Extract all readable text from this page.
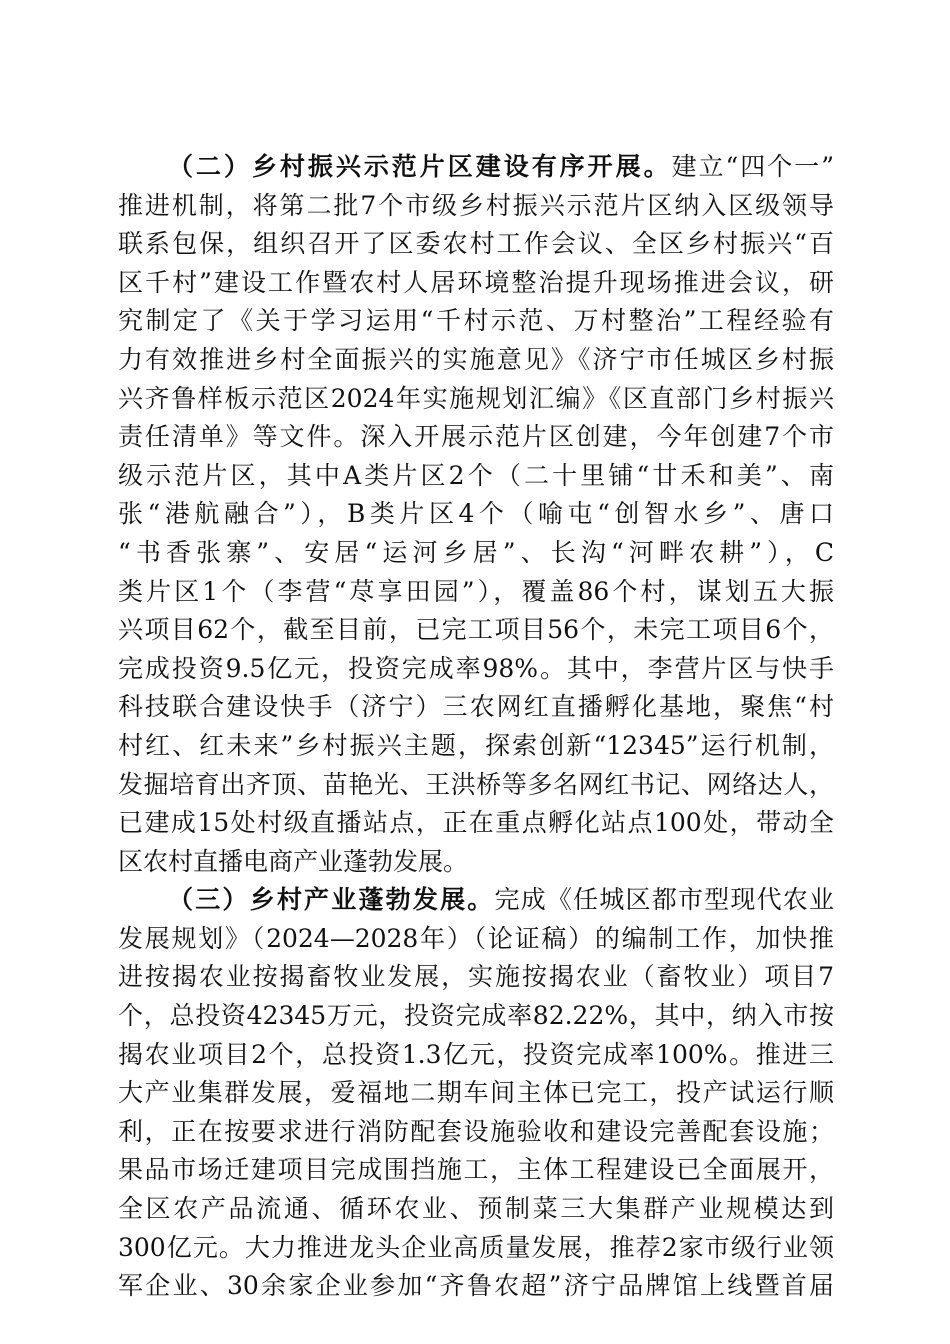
（二）乡村振兴示范片区建设有序开展。建立“四个一”
推进机制，将第二批7个市级乡村振兴示范片区纳入区级领导
联系包保，组织召开了区委农村工作会议、全区乡村振兴“百
区千村”建设工作暨农村人居环境整治提升现场推进会议，研
究制定了《关于学习运用“千村示范、万村整治”工程经验有
力有效推进乡村全面振兴的实施意见》《济宁市任城区乡村振
兴齐鲁样板示范区2024年实施规划汇编》《区直部门乡村振兴
责任清单》等文件。深入开展示范片区创建，今年创建7个市
级示范片区，其中A类片区2个（二十里铺“廿禾和美”、南
张“港航融合”），B类片区4个（喻屯“创智水乡”、唐口
“书香张寨”、安居“运河乡居”、长沟“河畔农耕”），C
类片区1个（李营“荩享田园”），覆盖86个村，谋划五大振
兴项目62个，截至目前，已完工项目56个，未完工项目6个，
完成投资9.5亿元，投资完成率98%。其中，李营片区与快手
科技联合建设快手（济宁）三农网红直播孵化基地，聚焦“村
村红、红未来”乡村振兴主题，探索创新“12345”运行机制，
发掘培育出齐顶、苗艳光、王洪桥等多名网红书记、网络达人，
已建成15处村级直播站点，正在重点孵化站点100处，带动全
区农村直播电商产业蓬勃发展。
（三）乡村产业蓬勃发展。完成《任城区都市型现代农业
发展规划》（2024—2028年）（论证稿）的编制工作，加快推
进按揭农业按揭畜牧业发展，实施按揭农业（畜牧业）项目7
个，总投资42345万元，投资完成率82.22%，其中，纳入市按
揭农业项目2个，总投资1.3亿元，投资完成率100%。推进三
大产业集群发展，爱福地二期车间主体已完工，投产试运行顺
利，正在按要求进行消防配套设施验收和建设完善配套设施；
果品市场迁建项目完成围挡施工，主体工程建设已全面展开，
全区农产品流通、循环农业、预制菜三大集群产业规模达到
300亿元。大力推进龙头企业高质量发展，推荐2家市级行业领
军企业、30余家企业参加“齐鲁农超”济宁品牌馆上线暨首届
